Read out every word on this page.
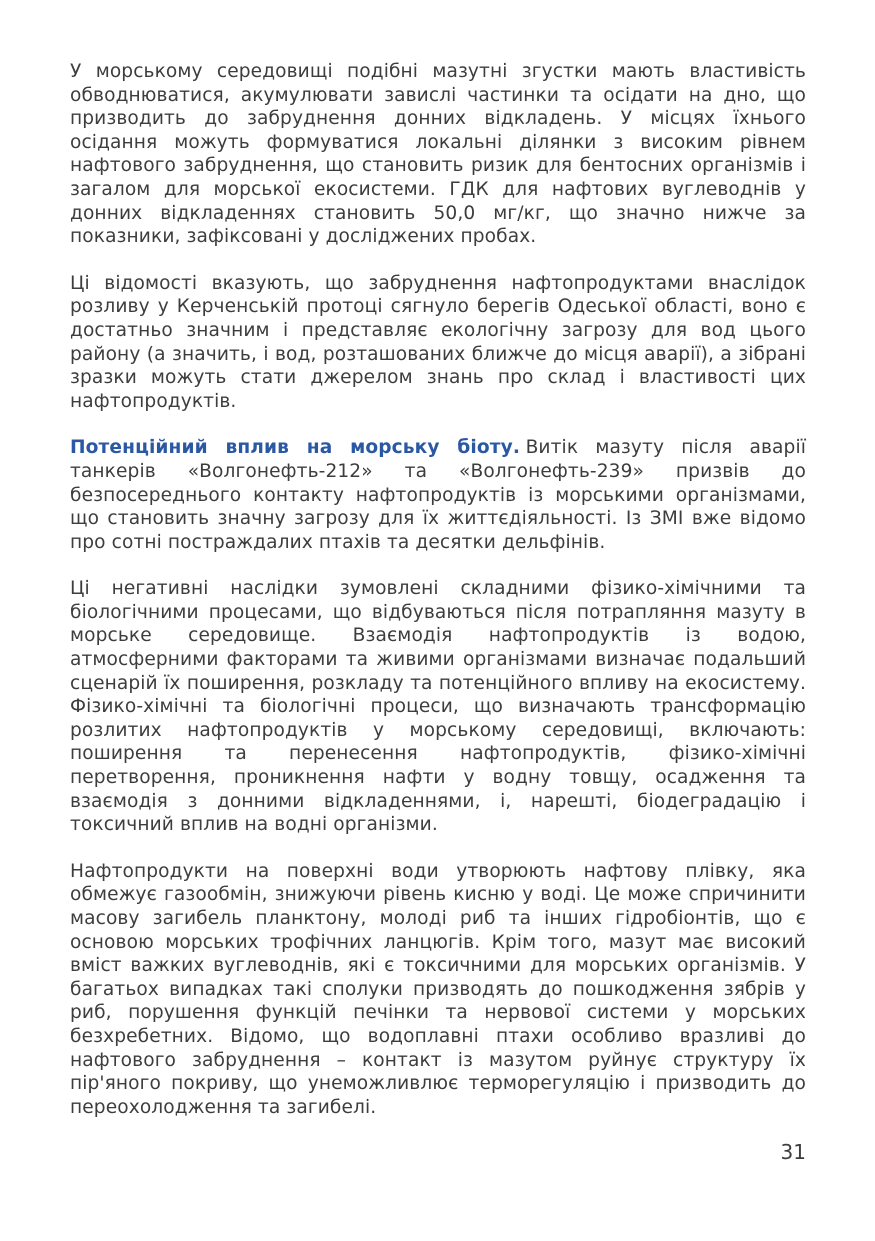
У морському середовищі подібні мазутні згустки мають властивість обводнюватися, акумулювати завислі частинки та осідати на дно, що призводить до забруднення донних відкладень. У місцях їхнього осідання можуть формуватися локальні ділянки з високим рівнем нафтового забруднення, що становить ризик для бентосних організмів і загалом для морської екосистеми. ГДК для нафтових вуглеводнів у донних відкладеннях становить 50,0 мг/кг, що значно нижче за показники, зафіксовані у досліджених пробах.

Ці відомості вказують, що забруднення нафтопродуктами внаслідок розливу у Керченській протоці сягнуло берегів Одеської області, воно є достатньо значним і представляє екологічну загрозу для вод цього району (а значить, і вод, розташованих ближче до місця аварії), а зібрані зразки можуть стати джерелом знань про склад і властивості цих нафтопродуктів.

Потенційний вплив на морську біоту. Витік мазуту після аварії танкерів «Волгонефть-212» та «Волгонефть-239» призвів до безпосереднього контакту нафтопродуктів із морськими організмами, що становить значну загрозу для їх життєдіяльності. Із ЗМІ вже відомо про сотні постраждалих птахів та десятки дельфінів.

Ці негативні наслідки зумовлені складними фізико-хімічними та біологічними процесами, що відбуваються після потрапляння мазуту в морське середовище. Взаємодія нафтопродуктів із водою, атмосферними факторами та живими організмами визначає подальший сценарій їх поширення, розкладу та потенційного впливу на екосистему. Фізико-хімічні та біологічні процеси, що визначають трансформацію розлитих нафтопродуктів у морському середовищі, включають: поширення та перенесення нафтопродуктів, фізико-хімічні перетворення, проникнення нафти у водну товщу, осадження та взаємодія з донними відкладеннями, і, нарешті, біодеградацію і токсичний вплив на водні організми.

Нафтопродукти на поверхні води утворюють нафтову плівку, яка обмежує газообмін, знижуючи рівень кисню у воді. Це може спричинити масову загибель планктону, молоді риб та інших гідробіонтів, що є основою морських трофічних ланцюгів. Крім того, мазут має високий вміст важких вуглеводнів, які є токсичними для морських організмів. У багатьох випадках такі сполуки призводять до пошкодження зябрів у риб, порушення функцій печінки та нервової системи у морських безхребетних. Відомо, що водоплавні птахи особливо вразливі до нафтового забруднення – контакт із мазутом руйнує структуру їх пір'яного покриву, що унеможливлює терморегуляцію і призводить до переохолодження та загибелі.

31
